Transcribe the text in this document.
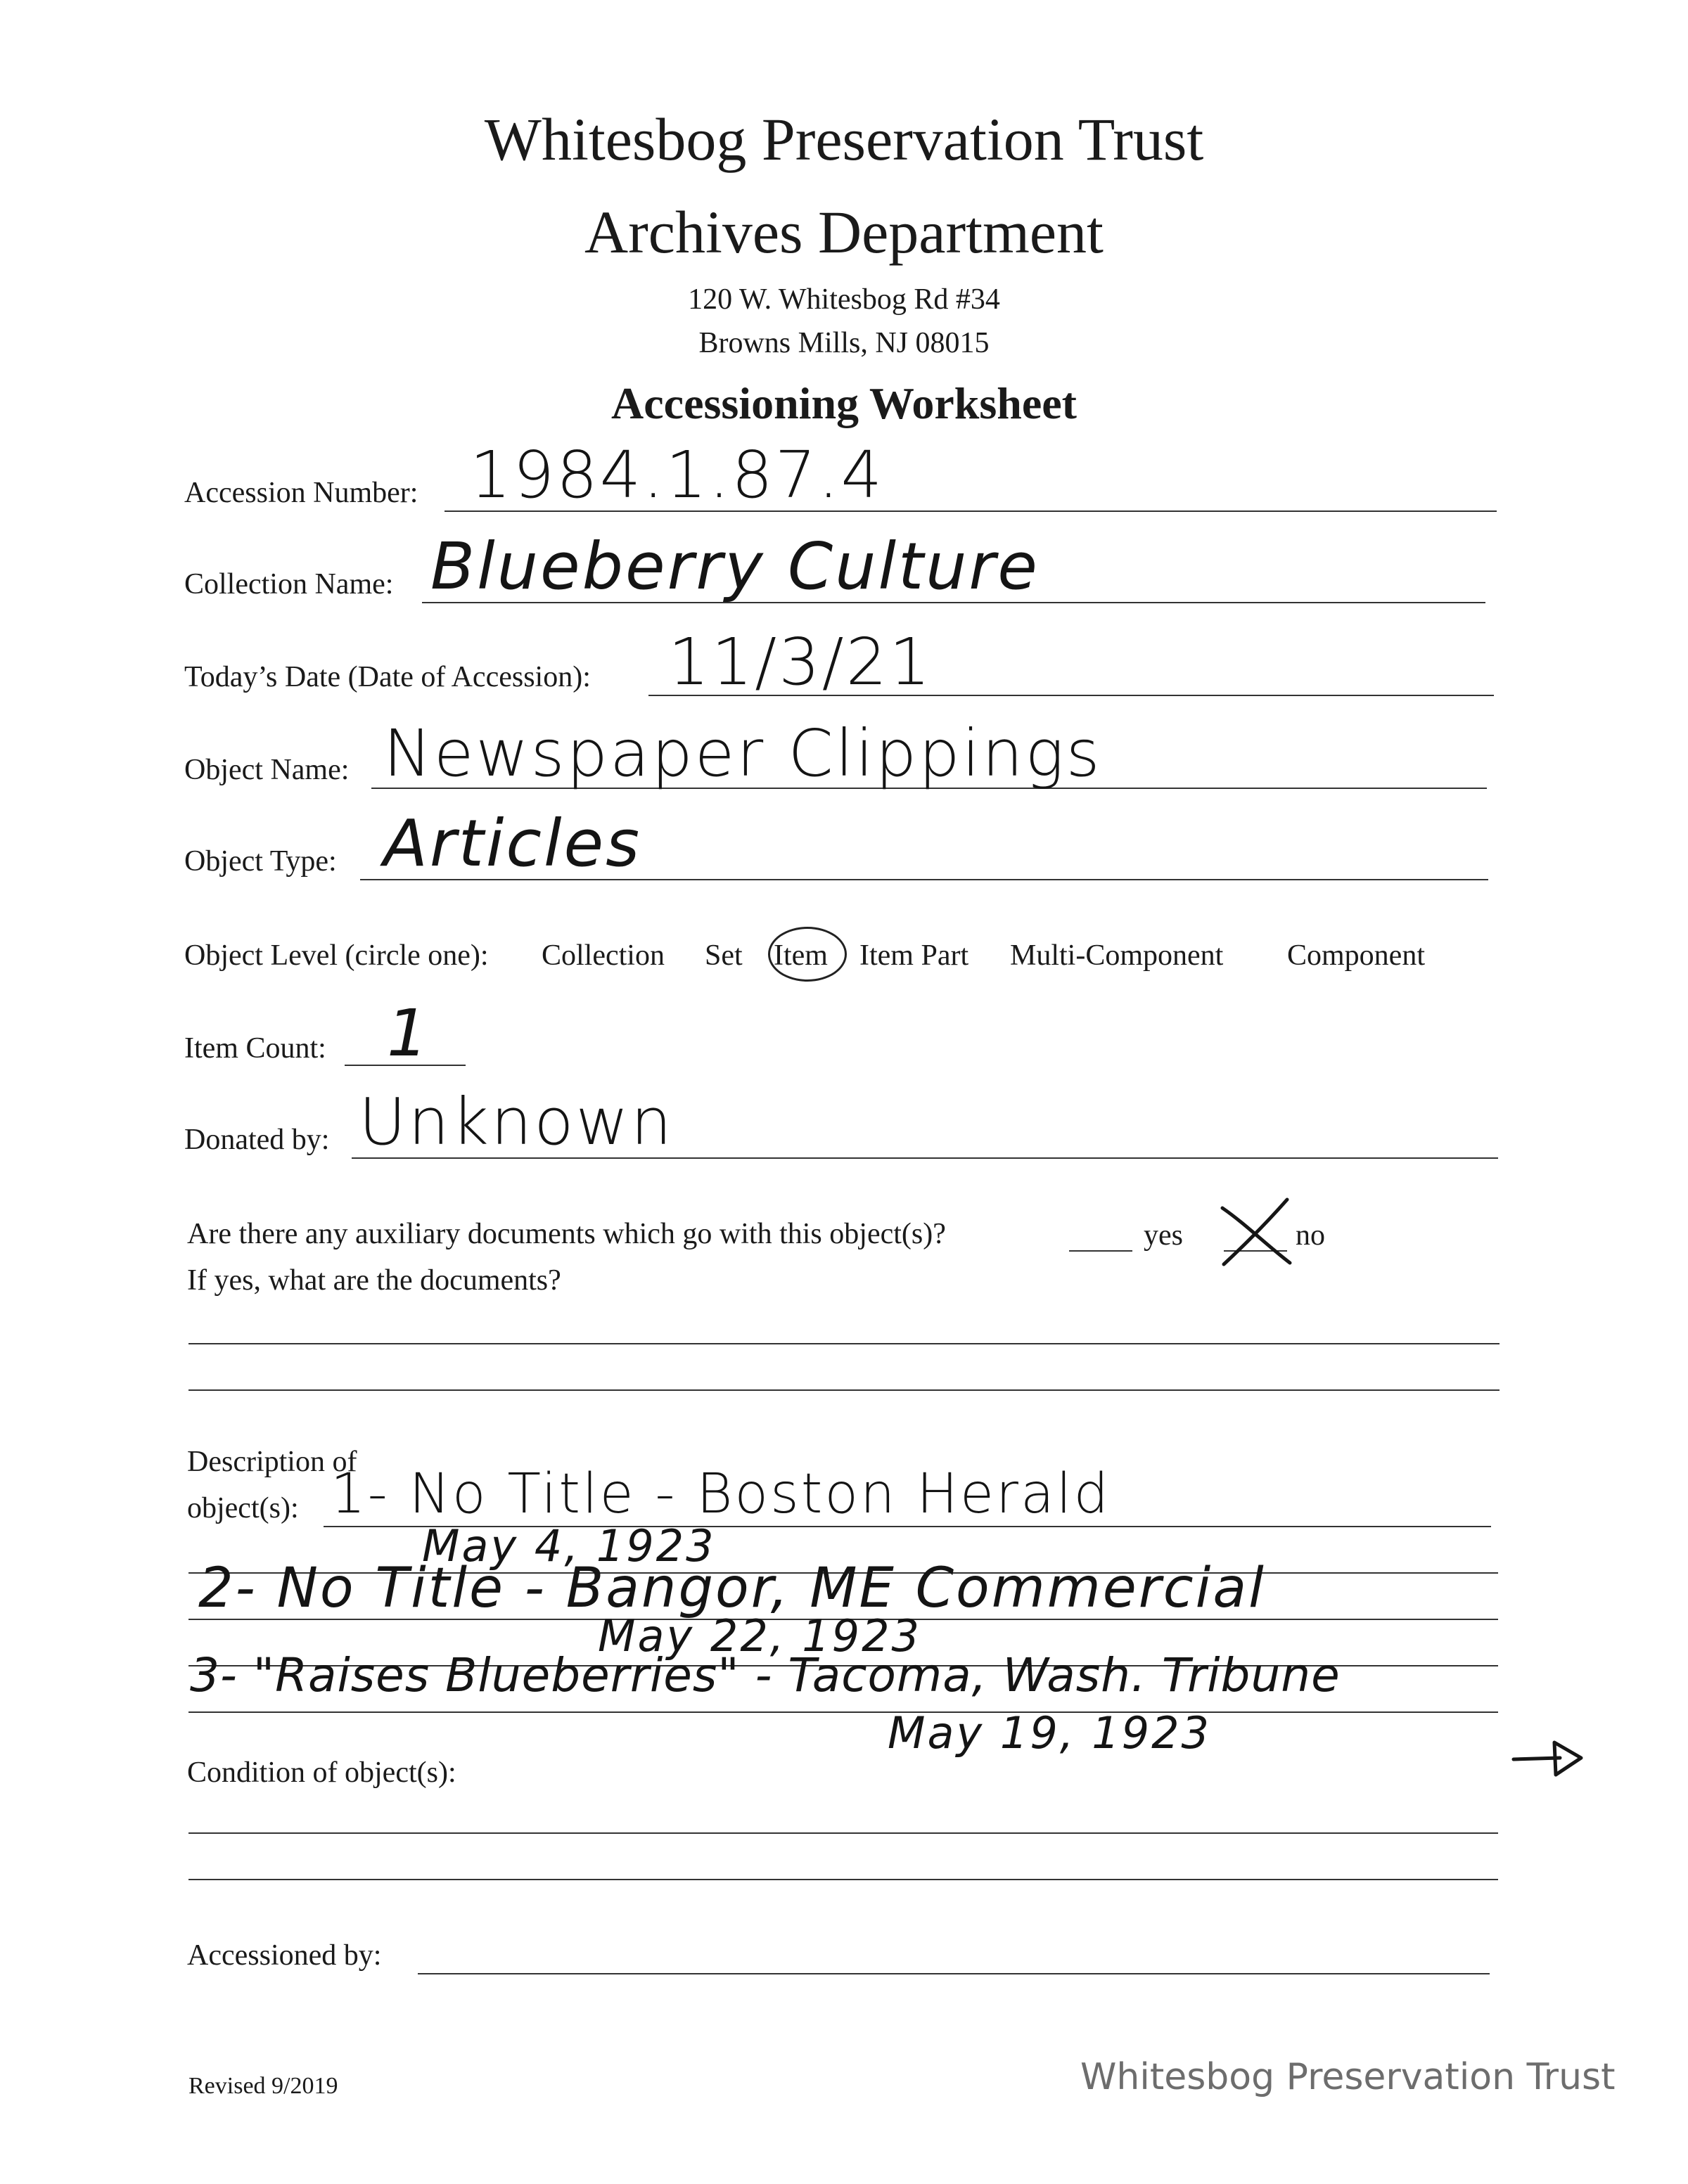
Whitesbog Preservation Trust
Archives Department
120 W. Whitesbog Rd #34
Browns Mills, NJ 08015
Accessioning Worksheet
Accession Number: 1984.1.87.4
Collection Name: Blueberry Culture
Today’s Date (Date of Accession): 11/3/21
Object Name: Newspaper Clippings
Object Type: Articles
Object Level (circle one): Collection Set Item Item Part Multi-Component Component
Item Count: 1
Donated by: Unknown
Are there any auxiliary documents which go with this object(s)?	yes	no
If yes, what are the documents?
Description of
object(s): 1- No Title - Boston Herald
May 4, 1923
2- No Title - Bangor, ME Commercial
May 22, 1923
3- "Raises Blueberries" - Tacoma, Wash. Tribune
May 19, 1923
Condition of object(s):
Accessioned by:
Revised 9/2019	Whitesbog Preservation Trust
